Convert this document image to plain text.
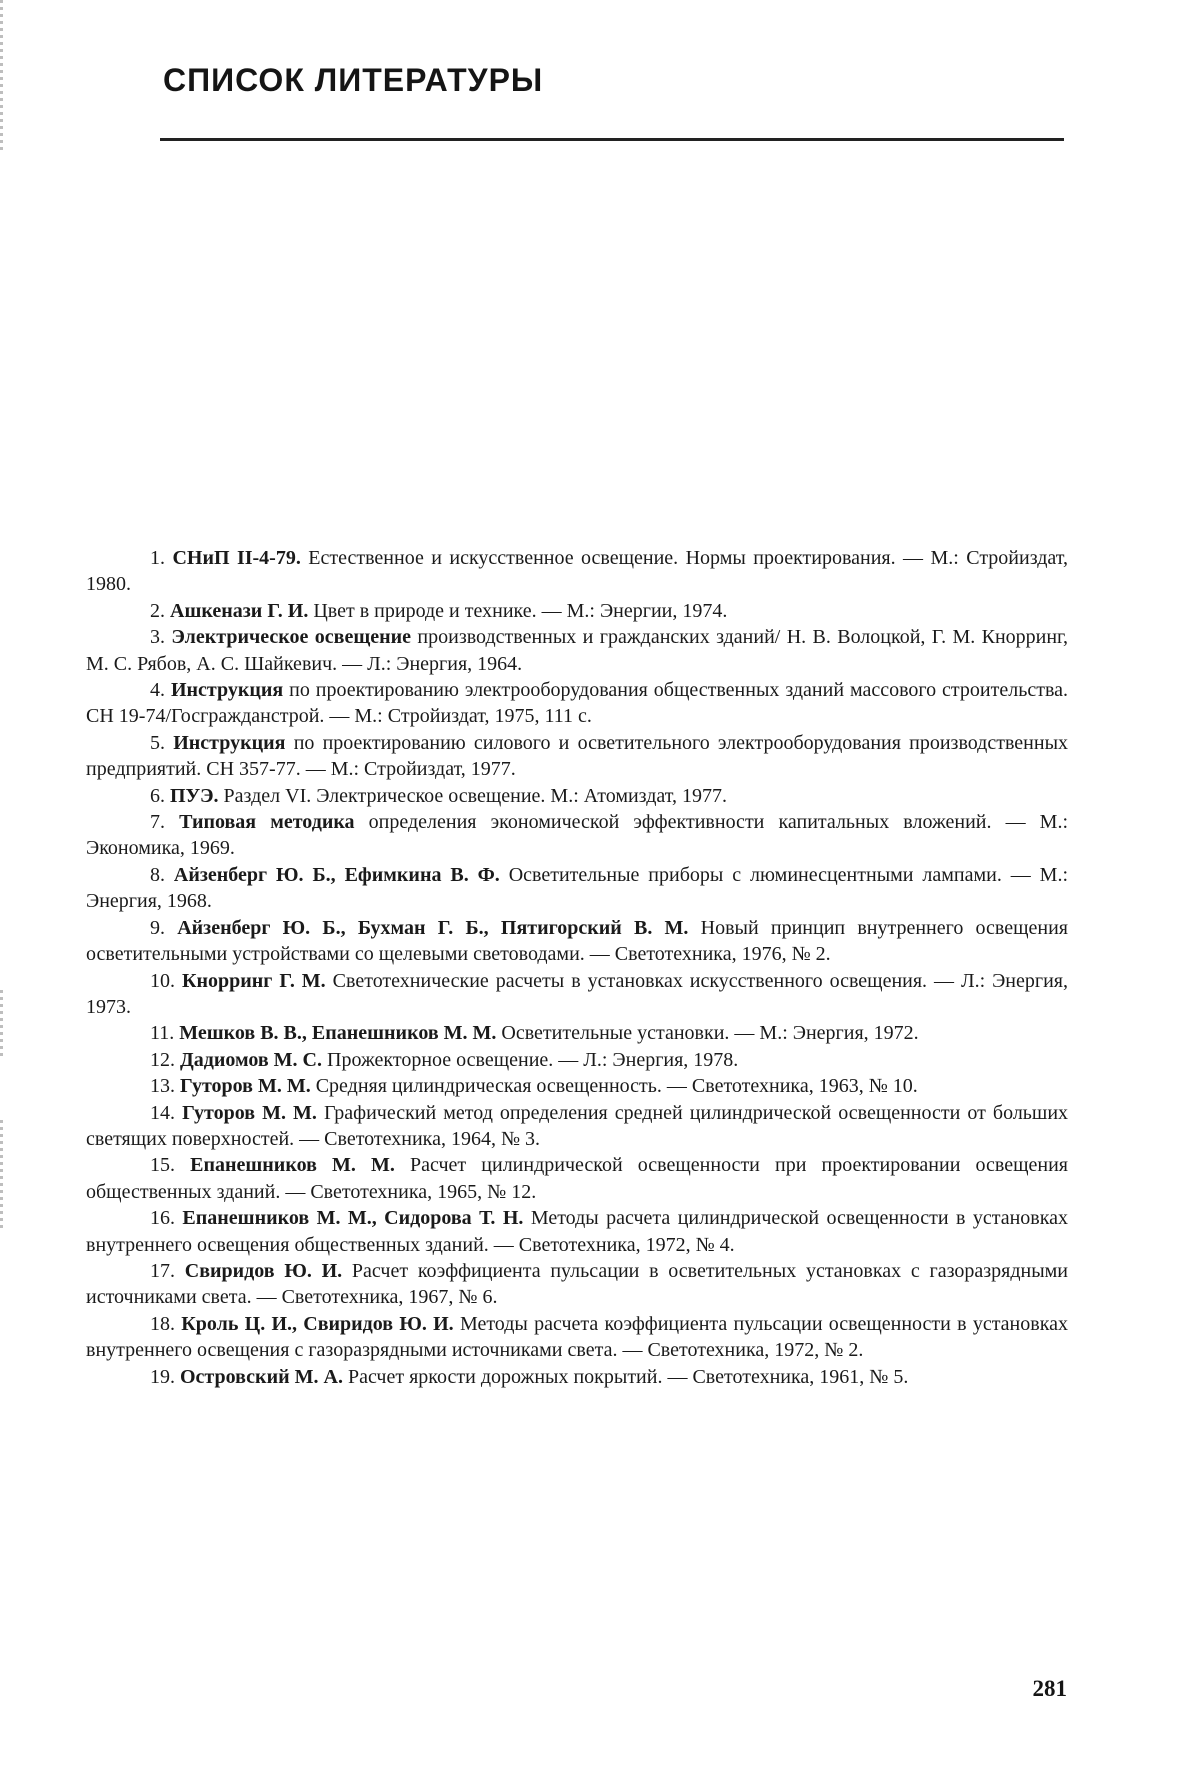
СПИСОК ЛИТЕРАТУРЫ
1. СНиП II-4-79. Естественное и искусственное освещение. Нормы проектирования. — М.: Стройиздат, 1980.
2. Ашкенази Г. И. Цвет в природе и технике. — М.: Энергии, 1974.
3. Электрическое освещение производственных и гражданских зданий/ Н. В. Волоцкой, Г. М. Кнорринг, М. С. Рябов, А. С. Шайкевич. — Л.: Энергия, 1964.
4. Инструкция по проектированию электрооборудования общественных зданий массового строительства. СН 19-74/Госгражданстрой. — М.: Стройиздат, 1975, 111 с.
5. Инструкция по проектированию силового и осветительного электрооборудования производственных предприятий. СН 357-77. — М.: Стройиздат, 1977.
6. ПУЭ. Раздел VI. Электрическое освещение. М.: Атомиздат, 1977.
7. Типовая методика определения экономической эффективности капитальных вложений. — М.: Экономика, 1969.
8. Айзенберг Ю. Б., Ефимкина В. Ф. Осветительные приборы с люминесцентными лампами. — М.: Энергия, 1968.
9. Айзенберг Ю. Б., Бухман Г. Б., Пятигорский В. М. Новый принцип внутреннего освещения осветительными устройствами со щелевыми световодами. — Светотехника, 1976, № 2.
10. Кнорринг Г. М. Светотехнические расчеты в установках искусственного освещения. — Л.: Энергия, 1973.
11. Мешков В. В., Епанешников М. М. Осветительные установки. — М.: Энергия, 1972.
12. Дадиомов М. С. Прожекторное освещение. — Л.: Энергия, 1978.
13. Гуторов М. М. Средняя цилиндрическая освещенность. — Светотехника, 1963, № 10.
14. Гуторов М. М. Графический метод определения средней цилиндрической освещенности от больших светящих поверхностей. — Светотехника, 1964, № 3.
15. Епанешников М. М. Расчет цилиндрической освещенности при проектировании освещения общественных зданий. — Светотехника, 1965, № 12.
16. Епанешников М. М., Сидорова Т. Н. Методы расчета цилиндрической освещенности в установках внутреннего освещения общественных зданий. — Светотехника, 1972, № 4.
17. Свиридов Ю. И. Расчет коэффициента пульсации в осветительных установках с газоразрядными источниками света. — Светотехника, 1967, № 6.
18. Кроль Ц. И., Свиридов Ю. И. Методы расчета коэффициента пульсации освещенности в установках внутреннего освещения с газоразрядными источниками света. — Светотехника, 1972, № 2.
19. Островский М. А. Расчет яркости дорожных покрытий. — Светотехника, 1961, № 5.
281
